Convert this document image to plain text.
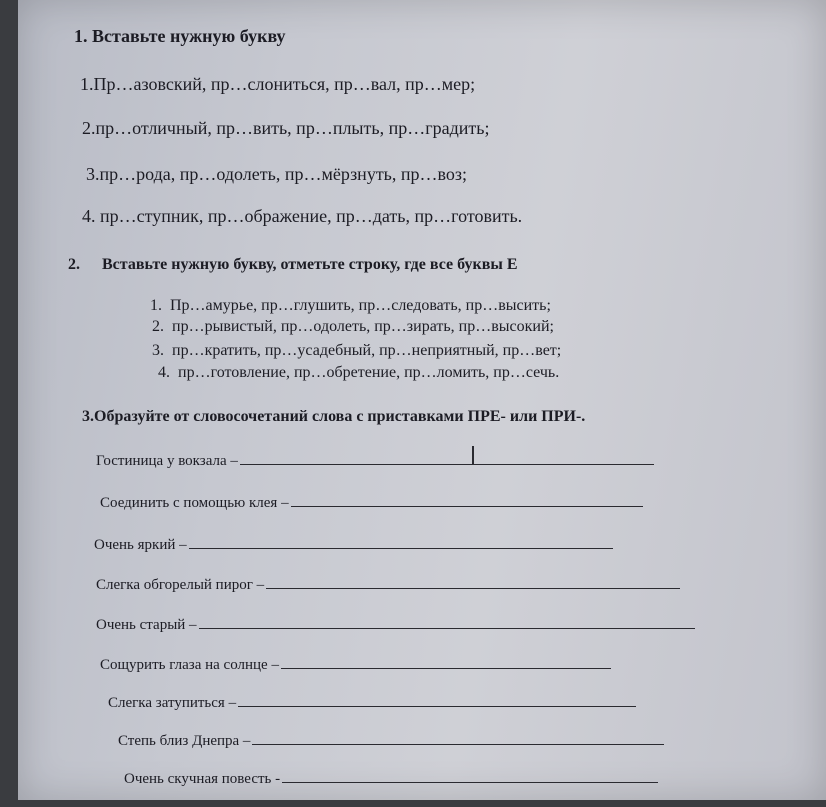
1. Вставьте нужную букву
1.Пр…азовский, пр…слониться, пр…вал, пр…мер;
2.пр…отличный, пр…вить, пр…плыть, пр…градить;
3.пр…рода, пр…одолеть, пр…мёрзнуть, пр…воз;
4. пр…ступник, пр…ображение, пр…дать, пр…готовить.
2. Вставьте нужную букву, отметьте строку, где все буквы Е
1. Пр…амурье, пр…глушить, пр…следовать, пр…высить;
2. пр…рывистый, пр…одолеть, пр…зирать, пр…высокий;
3. пр…кратить, пр…усадебный, пр…неприятный, пр…вет;
4. пр…готовление, пр…обретение, пр…ломить, пр…сечь.
3.Образуйте от словосочетаний слова с приставками ПРЕ- или ПРИ-.
Гостиница у вокзала –
Соединить с помощью клея –
Очень яркий –
Слегка обгорелый пирог –
Очень старый –
Сощурить глаза на солнце –
Слегка затупиться –
Степь близ Днепра –
Очень скучная повесть -
